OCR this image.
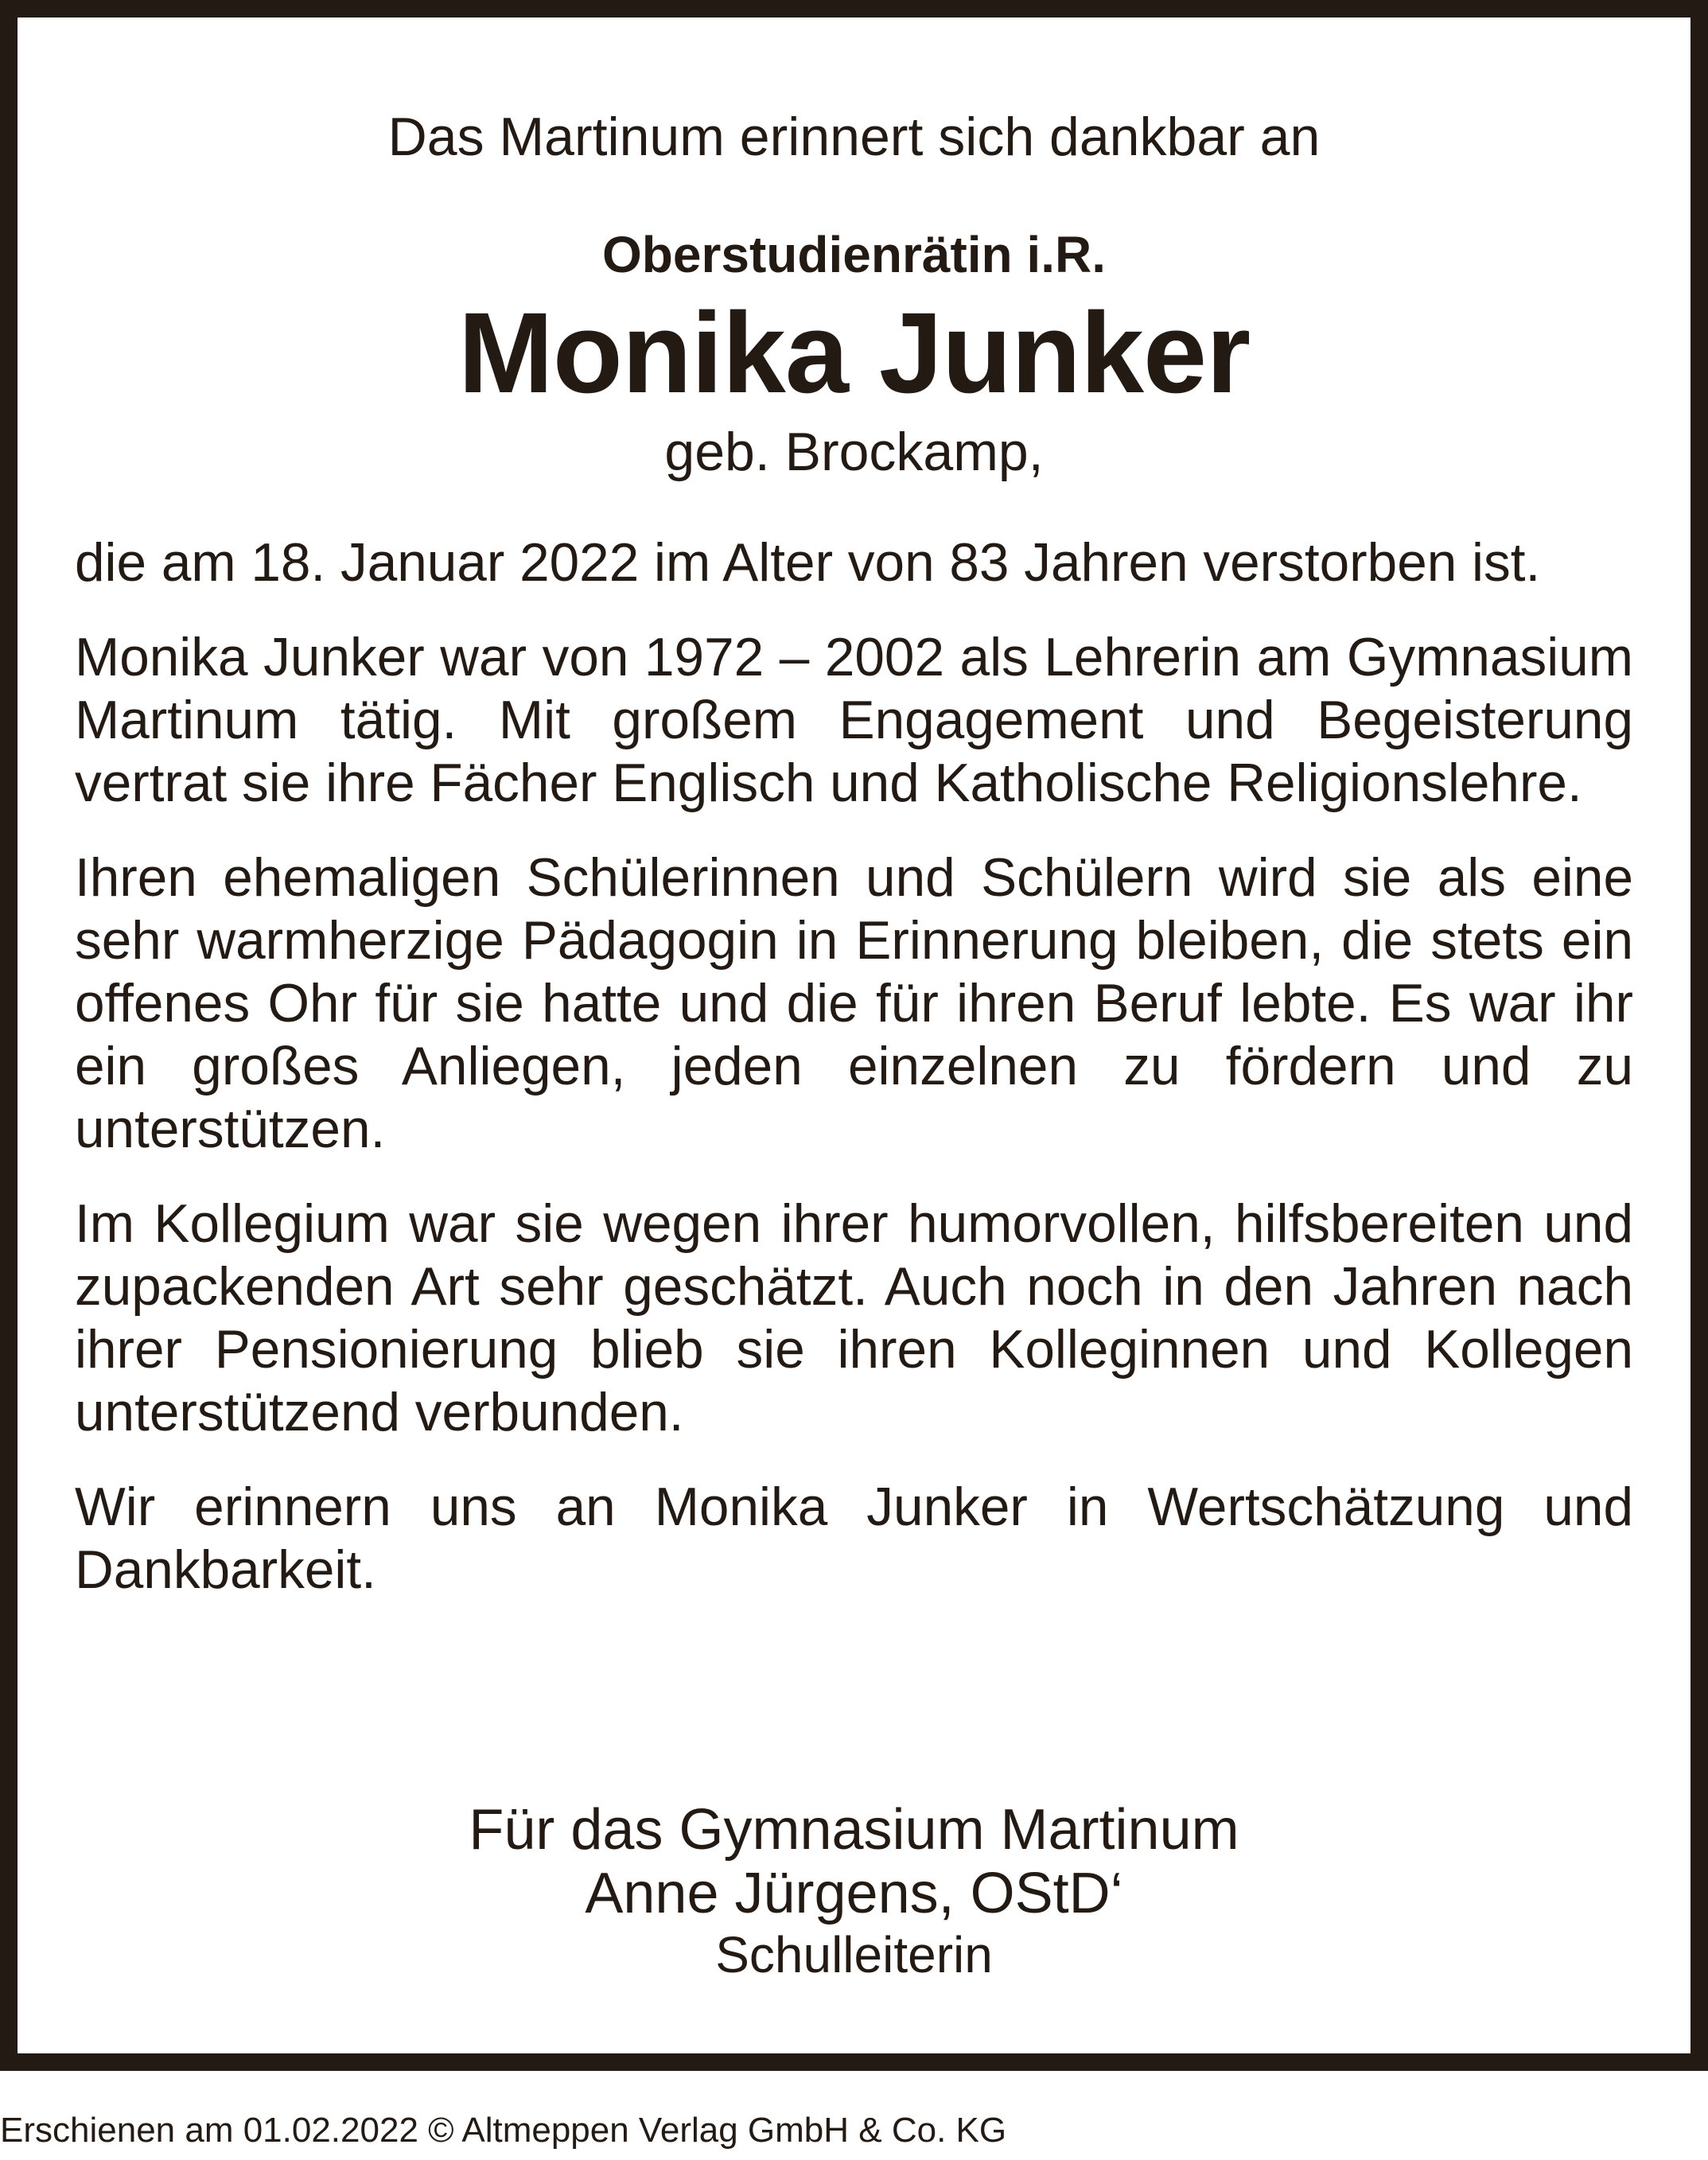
Das Martinum erinnert sich dankbar an
Oberstudienrätin i.R.
Monika Junker
geb. Brockamp,

die am 18. Januar 2022 im Alter von 83 Jahren verstorben ist.

Monika Junker war von 1972 – 2002 als Lehrerin am Gymnasium Martinum tätig. Mit großem Engagement und Begeisterung vertrat sie ihre Fächer Englisch und Katholische Religionslehre.

Ihren ehemaligen Schülerinnen und Schülern wird sie als eine sehr warmherzige Pädagogin in Erinnerung bleiben, die stets ein offenes Ohr für sie hatte und die für ihren Beruf lebte. Es war ihr ein großes Anliegen, jeden einzelnen zu fördern und zu unterstützen.

Im Kollegium war sie wegen ihrer humorvollen, hilfsbereiten und zupackenden Art sehr geschätzt. Auch noch in den Jahren nach ihrer Pensionierung blieb sie ihren Kolleginnen und Kollegen unterstützend verbunden.

Wir erinnern uns an Monika Junker in Wertschätzung und Dankbarkeit.

Für das Gymnasium Martinum
Anne Jürgens, OStD‘
Schulleiterin
Erschienen am 01.02.2022 © Altmeppen Verlag GmbH & Co. KG
